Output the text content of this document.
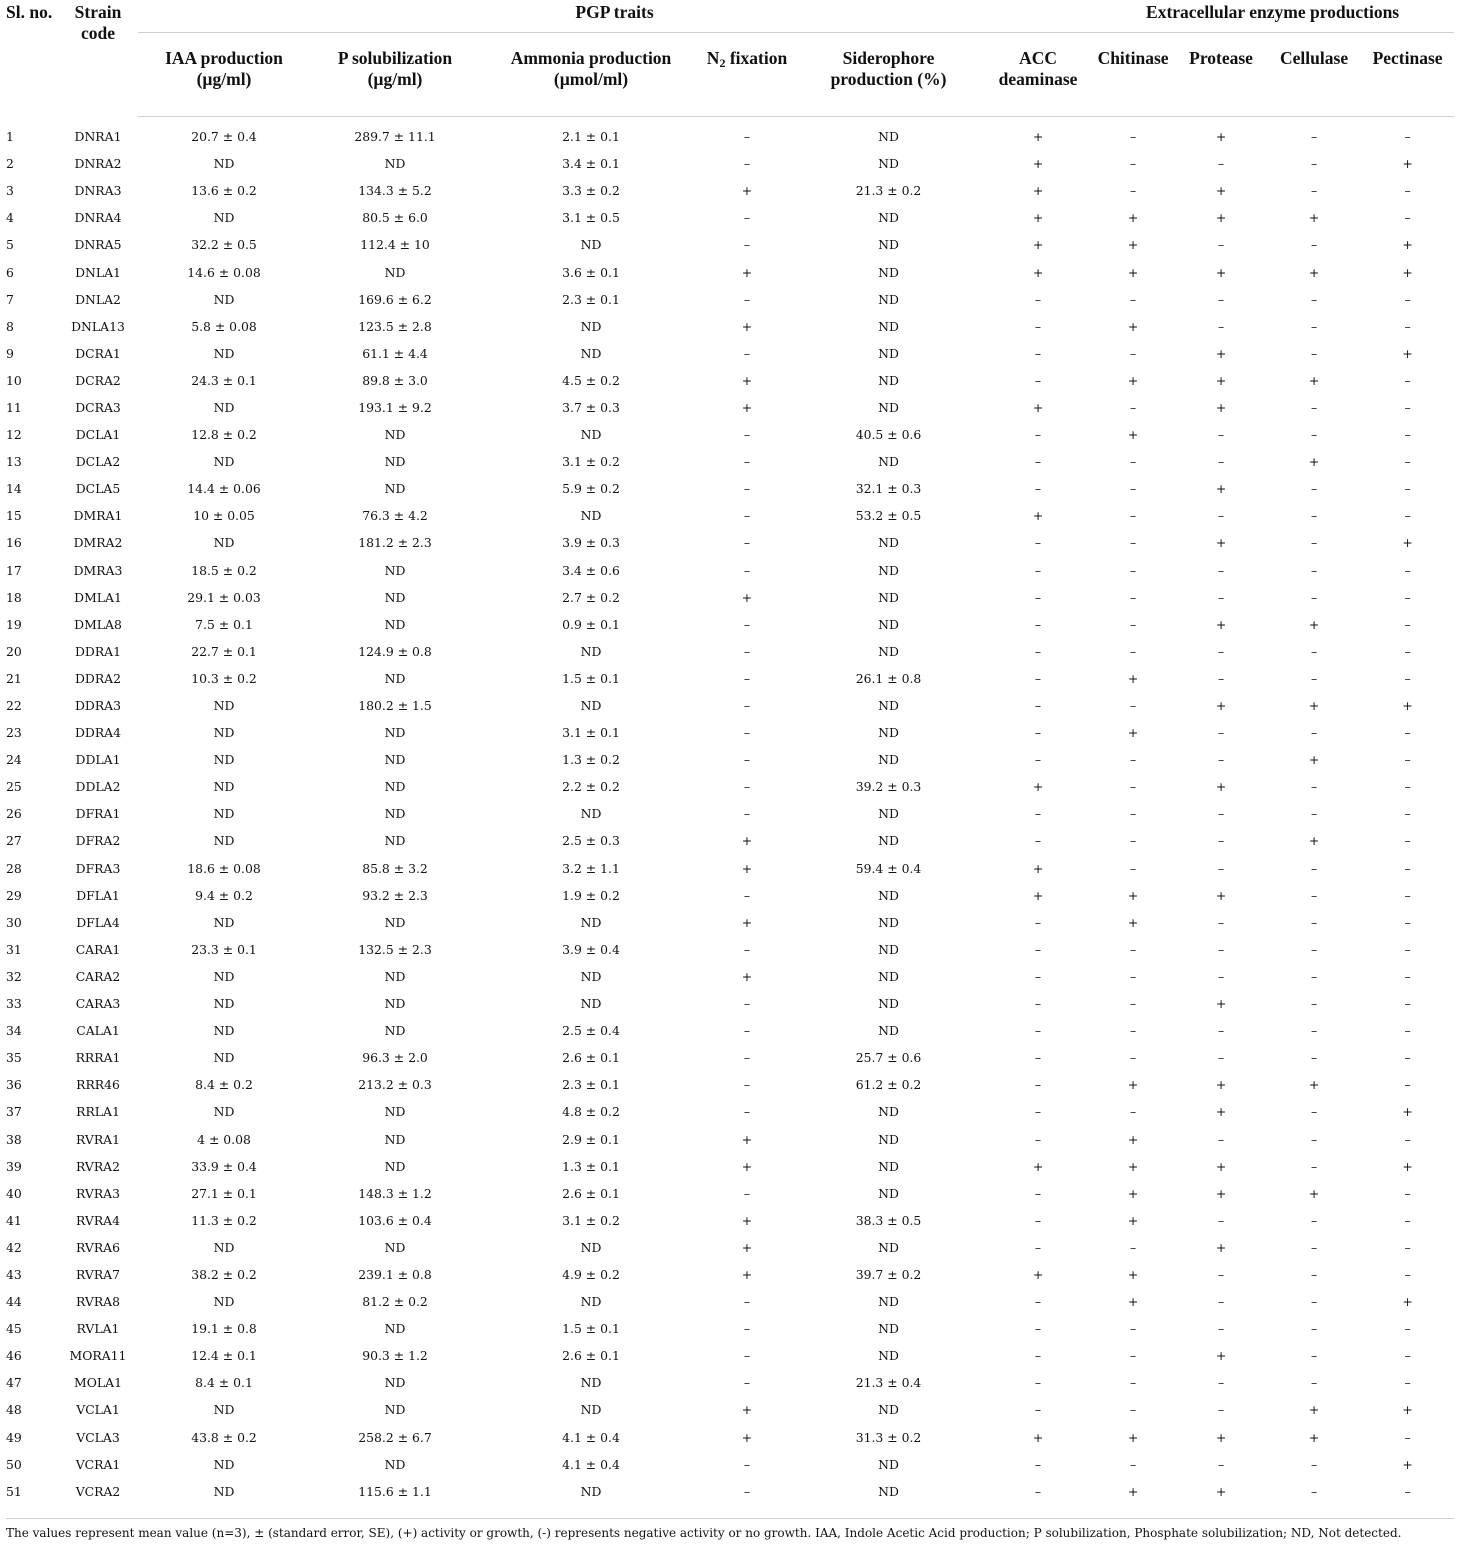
Sl. no.	Strain code	PGP traits						Extracellular enzyme productions			

		IAA production (µg/ml)	P solubilization (µg/ml)	Ammonia production (µmol/ml)	$N_2$ fixation	Siderophore production (%)	ACC deaminase	Chitinase	Protease	Cellulase	Pectinase
1	DNRA1	20.7 ± 0.4	289.7 ± 11.1	2.1 ± 0.1	–	ND	+	–	+	–	–
2	DNRA2	ND	ND	3.4 ± 0.1	–	ND	+	–	–	–	+
3	DNRA3	13.6 ± 0.2	134.3 ± 5.2	3.3 ± 0.2	+	21.3 ± 0.2	+	–	+	–	–
4	DNRA4	ND	80.5 ± 6.0	3.1 ± 0.5	–	ND	+	+	+	+	–
5	DNRA5	32.2 ± 0.5	112.4 ± 10	ND	–	ND	+	+	–	–	+
6	DNLA1	14.6 ± 0.08	ND	3.6 ± 0.1	+	ND	+	+	+	+	+
7	DNLA2	ND	169.6 ± 6.2	2.3 ± 0.1	–	ND	–	–	–	–	–
8	DNLA13	5.8 ± 0.08	123.5 ± 2.8	ND	+	ND	–	+	–	–	–
9	DCRA1	ND	61.1 ± 4.4	ND	–	ND	–	–	+	–	+
10	DCRA2	24.3 ± 0.1	89.8 ± 3.0	4.5 ± 0.2	+	ND	–	+	+	+	–
11	DCRA3	ND	193.1 ± 9.2	3.7 ± 0.3	+	ND	+	–	+	–	–
12	DCLA1	12.8 ± 0.2	ND	ND	–	40.5 ± 0.6	–	+	–	–	–
13	DCLA2	ND	ND	3.1 ± 0.2	–	ND	–	–	–	+	–
14	DCLA5	14.4 ± 0.06	ND	5.9 ± 0.2	–	32.1 ± 0.3	–	–	+	–	–
15	DMRA1	10 ± 0.05	76.3 ± 4.2	ND	–	53.2 ± 0.5	+	–	–	–	–
16	DMRA2	ND	181.2 ± 2.3	3.9 ± 0.3	–	ND	–	–	+	–	+
17	DMRA3	18.5 ± 0.2	ND	3.4 ± 0.6	–	ND	–	–	–	–	–
18	DMLA1	29.1 ± 0.03	ND	2.7 ± 0.2	+	ND	–	–	–	–	–
19	DMLA8	7.5 ± 0.1	ND	0.9 ± 0.1	–	ND	–	–	+	+	–
20	DDRA1	22.7 ± 0.1	124.9 ± 0.8	ND	–	ND	–	–	–	–	–
21	DDRA2	10.3 ± 0.2	ND	1.5 ± 0.1	–	26.1 ± 0.8	–	+	–	–	–
22	DDRA3	ND	180.2 ± 1.5	ND	–	ND	–	–	+	+	+
23	DDRA4	ND	ND	3.1 ± 0.1	–	ND	–	+	–	–	–
24	DDLA1	ND	ND	1.3 ± 0.2	–	ND	–	–	–	+	–
25	DDLA2	ND	ND	2.2 ± 0.2	–	39.2 ± 0.3	+	–	+	–	–
26	DFRA1	ND	ND	ND	–	ND	–	–	–	–	–
27	DFRA2	ND	ND	2.5 ± 0.3	+	ND	–	–	–	+	–
28	DFRA3	18.6 ± 0.08	85.8 ± 3.2	3.2 ± 1.1	+	59.4 ± 0.4	+	–	–	–	–
29	DFLA1	9.4 ± 0.2	93.2 ± 2.3	1.9 ± 0.2	–	ND	+	+	+	–	–
30	DFLA4	ND	ND	ND	+	ND	–	+	–	–	–
31	CARA1	23.3 ± 0.1	132.5 ± 2.3	3.9 ± 0.4	–	ND	–	–	–	–	–
32	CARA2	ND	ND	ND	+	ND	–	–	–	–	–
33	CARA3	ND	ND	ND	–	ND	–	–	+	–	–
34	CALA1	ND	ND	2.5 ± 0.4	–	ND	–	–	–	–	–
35	RRRA1	ND	96.3 ± 2.0	2.6 ± 0.1	–	25.7 ± 0.6	–	–	–	–	–
36	RRR46	8.4 ± 0.2	213.2 ± 0.3	2.3 ± 0.1	–	61.2 ± 0.2	–	+	+	+	–
37	RRLA1	ND	ND	4.8 ± 0.2	–	ND	–	–	+	–	+
38	RVRA1	4 ± 0.08	ND	2.9 ± 0.1	+	ND	–	+	–	–	–
39	RVRA2	33.9 ± 0.4	ND	1.3 ± 0.1	+	ND	+	+	+	–	+
40	RVRA3	27.1 ± 0.1	148.3 ± 1.2	2.6 ± 0.1	–	ND	–	+	+	+	–
41	RVRA4	11.3 ± 0.2	103.6 ± 0.4	3.1 ± 0.2	+	38.3 ± 0.5	–	+	–	–	–
42	RVRA6	ND	ND	ND	+	ND	–	–	+	–	–
43	RVRA7	38.2 ± 0.2	239.1 ± 0.8	4.9 ± 0.2	+	39.7 ± 0.2	+	+	–	–	–
44	RVRA8	ND	81.2 ± 0.2	ND	–	ND	–	+	–	–	+
45	RVLA1	19.1 ± 0.8	ND	1.5 ± 0.1	–	ND	–	–	–	–	–
46	MORA11	12.4 ± 0.1	90.3 ± 1.2	2.6 ± 0.1	–	ND	–	–	+	–	–
47	MOLA1	8.4 ± 0.1	ND	ND	–	21.3 ± 0.4	–	–	–	–	–
48	VCLA1	ND	ND	ND	+	ND	–	–	–	+	+
49	VCLA3	43.8 ± 0.2	258.2 ± 6.7	4.1 ± 0.4	+	31.3 ± 0.2	+	+	+	+	–
50	VCRA1	ND	ND	4.1 ± 0.4	–	ND	–	–	–	–	+
51	VCRA2	ND	115.6 ± 1.1	ND	–	ND	–	+	+	–	–
The values represent mean value (n=3), ± (standard error, SE), (+) activity or growth, (-) represents negative activity or no growth. IAA, Indole Acetic Acid production; P solubilization, Phosphate solubilization; ND, Not detected.
